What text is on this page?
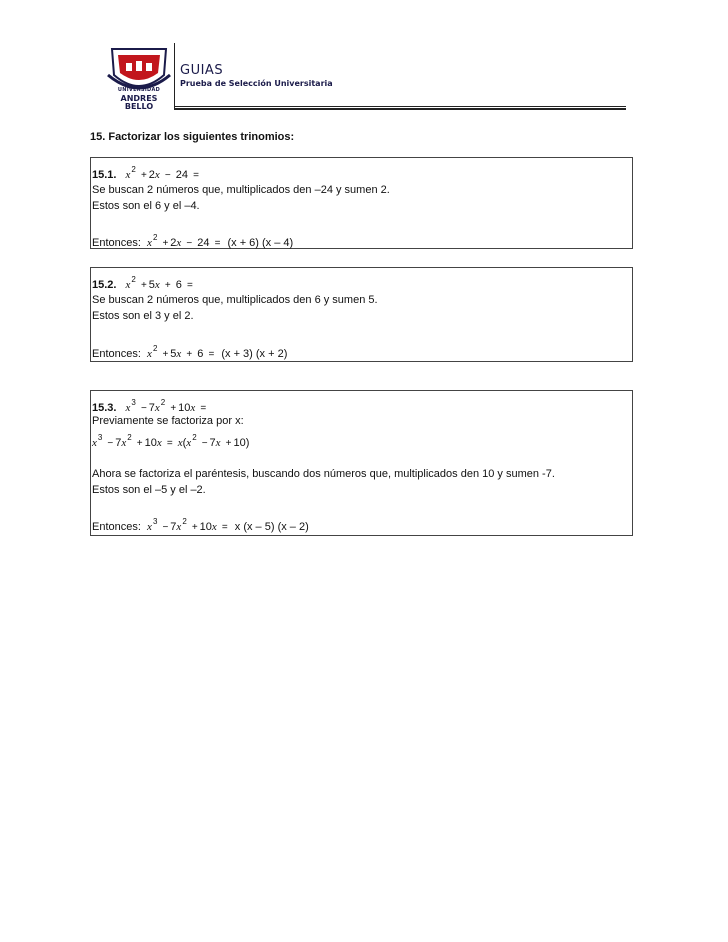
UNIVERSIDAD
ANDRES BELLO
GUIAS
Prueba de Selección Universitaria
15. Factorizar los siguientes trinomios:
15.1. $x^2 + 2x - 24$ =
Se buscan 2 números que, multiplicados den –24 y sumen 2.
Estos son el 6 y el –4.
Entonces: $x^2 + 2x - 24 = (x + 6)$ (x – 4)
15.2. $x^2 + 5x + 6$ =
Se buscan 2 números que, multiplicados den 6 y sumen 5.
Estos son el 3 y el 2.
Entonces: $x^2 + 5x + 6 = (x + 3) (x + 2)$
15.3. $x^3 - 7x^2 + 10x$ =
Previamente se factoriza por x:
$x^3 - 7x^2 + 10x = x(x^2 - 7x + 10)$
Ahora se factoriza el paréntesis, buscando dos números que, multiplicados den 10 y sumen -7.
Estos son el –5 y el –2.
Entonces: $x^3 - 7x^2 + 10x = x$ (x – 5) (x – 2)
